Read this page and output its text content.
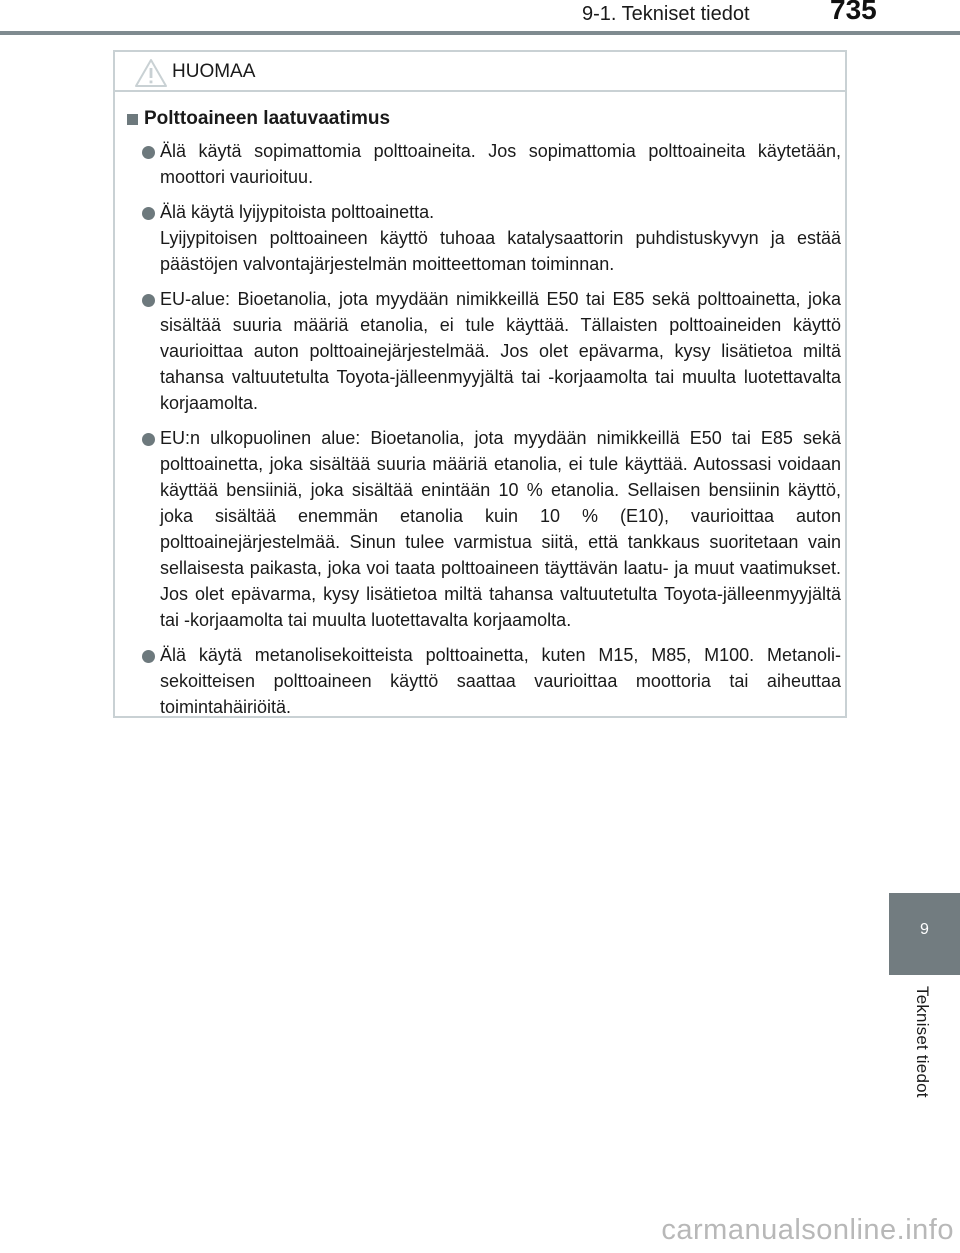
9-1. Tekniset tiedot	735
9
Tekniset tiedot
HUOMAA
Polttoaineen laatuvaatimus

Älä käytä sopimattomia polttoaineita. Jos sopimattomia polttoaineita käytetään, moottori vaurioituu.

Älä käytä lyijypitoista polttoainetta.

Lyijypitoisen polttoaineen käyttö tuhoaa katalysaattorin puhdistuskyvyn ja estää päästöjen valvontajärjestelmän moitteettoman toiminnan.

EU-alue: Bioetanolia, jota myydään nimikkeillä E50 tai E85 sekä polttoainetta, joka sisältää suuria määriä etanolia, ei tule käyttää. Tällaisten polttoaineiden käyttö vaurioittaa auton polttoainejärjestelmää. Jos olet epävarma, kysy lisätietoa miltä tahansa valtuutetulta Toyota-jälleenmyyjältä tai -korjaamolta tai muulta luotettavalta korjaamolta.

EU:n ulkopuolinen alue: Bioetanolia, jota myydään nimikkeillä E50 tai E85 sekä polttoainetta, joka sisältää suuria määriä etanolia, ei tule käyttää. Autossasi voidaan käyttää bensiiniä, joka sisältää enintään 10 % etanolia. Sellaisen bensiinin käyttö, joka sisältää enemmän etanolia kuin 10 % (E10), vaurioittaa auton polttoainejärjestelmää. Sinun tulee varmistua siitä, että tankkaus suoritetaan vain sellaisesta paikasta, joka voi taata polttoaineen täyttävän laatu- ja muut vaatimukset. Jos olet epävarma, kysy lisätietoa miltä tahansa valtuutetulta Toyota-jälleenmyyjältä tai -korjaamolta tai muulta luotettavalta korjaamolta.

Älä käytä metanolisekoitteista polttoainetta, kuten M15, M85, M100. Metanolisekoitteisen polttoaineen käyttö saattaa vaurioittaa moottoria tai aiheuttaa toimintahäiriöitä.

carmanualsonline.info
